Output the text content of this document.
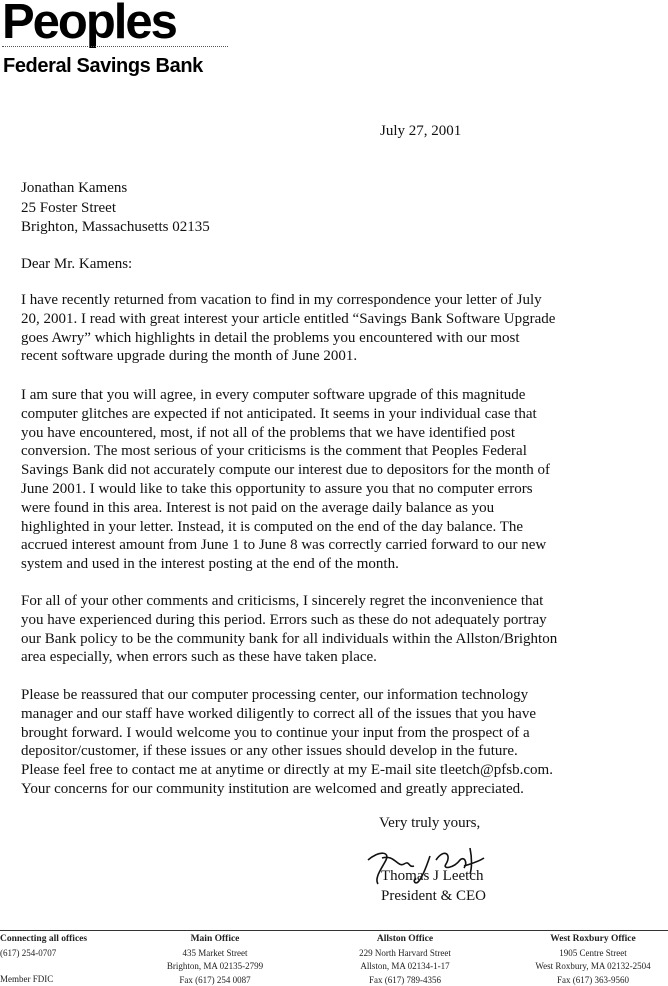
Peoples
Federal Savings Bank
July 27, 2001
Jonathan Kamens
25 Foster Street
Brighton, Massachusetts 02135
Dear Mr. Kamens:
I have recently returned from vacation to find in my correspondence your letter of July
20, 2001. I read with great interest your article entitled “Savings Bank Software Upgrade
goes Awry” which highlights in detail the problems you encountered with our most
recent software upgrade during the month of June 2001.
I am sure that you will agree, in every computer software upgrade of this magnitude
computer glitches are expected if not anticipated. It seems in your individual case that
you have encountered, most, if not all of the problems that we have identified post
conversion. The most serious of your criticisms is the comment that Peoples Federal
Savings Bank did not accurately compute our interest due to depositors for the month of
June 2001. I would like to take this opportunity to assure you that no computer errors
were found in this area. Interest is not paid on the average daily balance as you
highlighted in your letter. Instead, it is computed on the end of the day balance. The
accrued interest amount from June 1 to June 8 was correctly carried forward to our new
system and used in the interest posting at the end of the month.
For all of your other comments and criticisms, I sincerely regret the inconvenience that
you have experienced during this period. Errors such as these do not adequately portray
our Bank policy to be the community bank for all individuals within the Allston/Brighton
area especially, when errors such as these have taken place.
Please be reassured that our computer processing center, our information technology
manager and our staff have worked diligently to correct all of the issues that you have
brought forward. I would welcome you to continue your input from the prospect of a
depositor/customer, if these issues or any other issues should develop in the future.
Please feel free to contact me at anytime or directly at my E-mail site tleetch@pfsb.com.
Your concerns for our community institution are welcomed and greatly appreciated.
Very truly yours,
Thomas J Leetch
President & CEO
Connecting all offices
(617) 254-0707
Member FDIC
Main Office
435 Market Street
Brighton, MA 02135-2799
Fax (617) 254 0087
Allston Office
229 North Harvard Street
Allston, MA 02134-1-17
Fax (617) 789-4356
West Roxbury Office
1905 Centre Street
West Roxbury, MA 02132-2504
Fax (617) 363-9560
